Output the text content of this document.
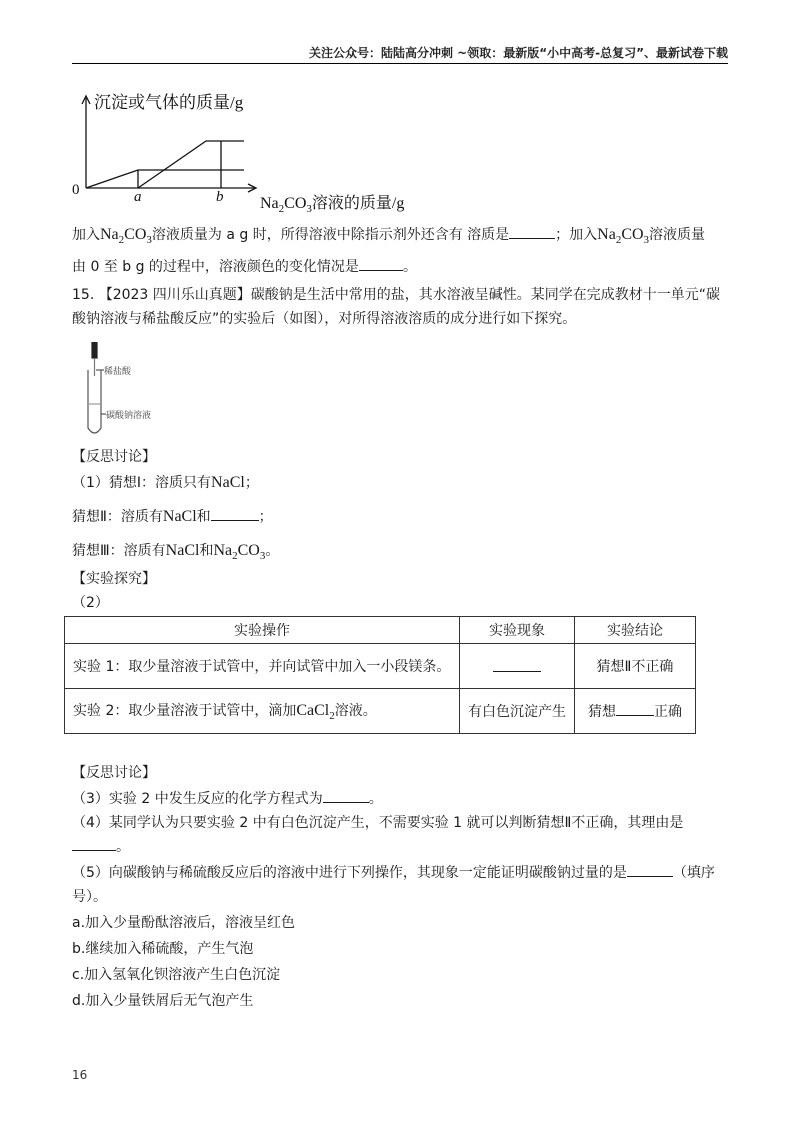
关注公众号：陆陆高分冲刺 ~领取：最新版“小中高考-总复习”、最新试卷下载
沉淀或气体的质量/g
0	a	b $Na_2CO_3$溶液的质量/g
加入$Na_2CO_3$溶液质量为 a g 时，所得溶液中除指示剂外还含有 溶质是	；加入$Na_2CO_3$溶液质量
由 0 至 b g 的过程中，溶液颜色的变化情况是	。
15. 【2023 四川乐山真题】碳酸钠是生活中常用的盐，其水溶液呈碱性。某同学在完成教材十一单元“碳
酸钠溶液与稀盐酸反应”的实验后（如图），对所得溶液溶质的成分进行如下探究。
稀盐酸
碳酸钠溶液
【反思讨论】
（1）猜想Ⅰ：溶质只有NaCl；
猜想Ⅱ：溶质有NaCl和	；
猜想Ⅲ：溶质有NaCl和$Na_2CO_3$。
【实验探究】
（2）
实验操作	实验现象	实验结论
实验 1：取少量溶液于试管中，并向试管中加入一小段镁条。		猜想Ⅱ不正确
实验 2：取少量溶液于试管中，滴加CaCl$_2$溶液。	有白色沉淀产生	猜想 正确
【反思讨论】
（3）实验 2 中发生反应的化学方程式为	。
（4）某同学认为只要实验 2 中有白色沉淀产生，不需要实验 1 就可以判断猜想Ⅱ不正确，其理由是
。
（5）向碳酸钠与稀硫酸反应后的溶液中进行下列操作，其现象一定能证明碳酸钠过量的是	（填序
号）。
a.加入少量酚酞溶液后，溶液呈红色
b.继续加入稀硫酸，产生气泡
c.加入氢氧化钡溶液产生白色沉淀
d.加入少量铁屑后无气泡产生
16
